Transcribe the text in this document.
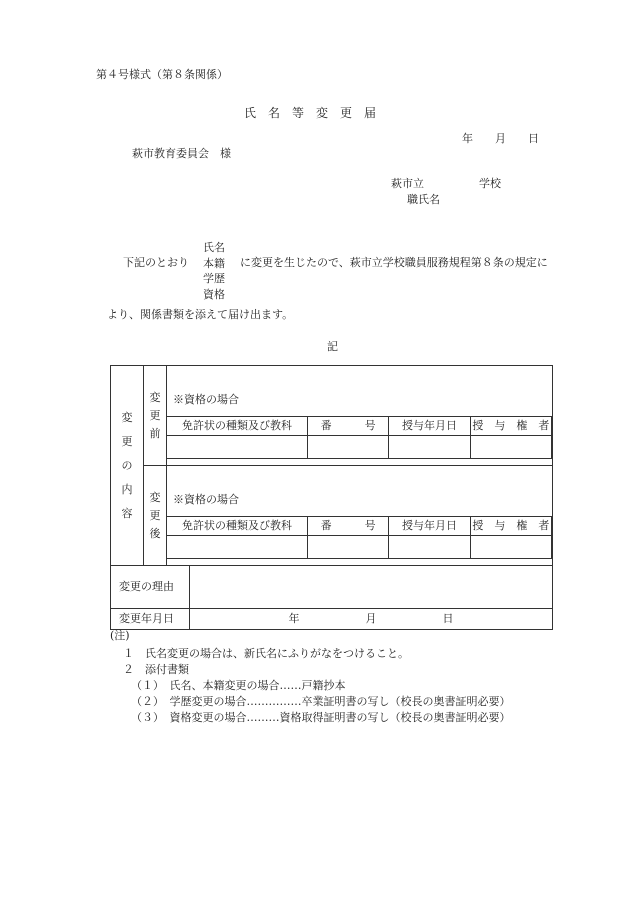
第４号様式（第８条関係）
氏　名　等　変　更　届
年　　月　　日
萩市教育委員会　様
萩市立　　　　　学校
職氏名
下記のとおり
氏名
本籍
学歴
資格
に変更を生じたので、萩市立学校職員服務規程第８条の規定に
より、関係書類を添えて届け出ます。
記
変
更
の
内
容

変
更
前

※資格の場合
免許状の種類及び教科	番　　　号	授与年月日	授　与　権　者

変
更
後

※資格の場合
免許状の種類及び教科	番　　　号	授与年月日	授　与　権　者

変更の理由	
変更年月日	年　　　　　　月　　　　　　日
(注)
１　氏名変更の場合は、新氏名にふりがなをつけること。
２　添付書類
（１）　氏名、本籍変更の場合……戸籍抄本
（２）　学歴変更の場合……………卒業証明書の写し（校長の奥書証明必要）
（３）　資格変更の場合………資格取得証明書の写し（校長の奥書証明必要）
